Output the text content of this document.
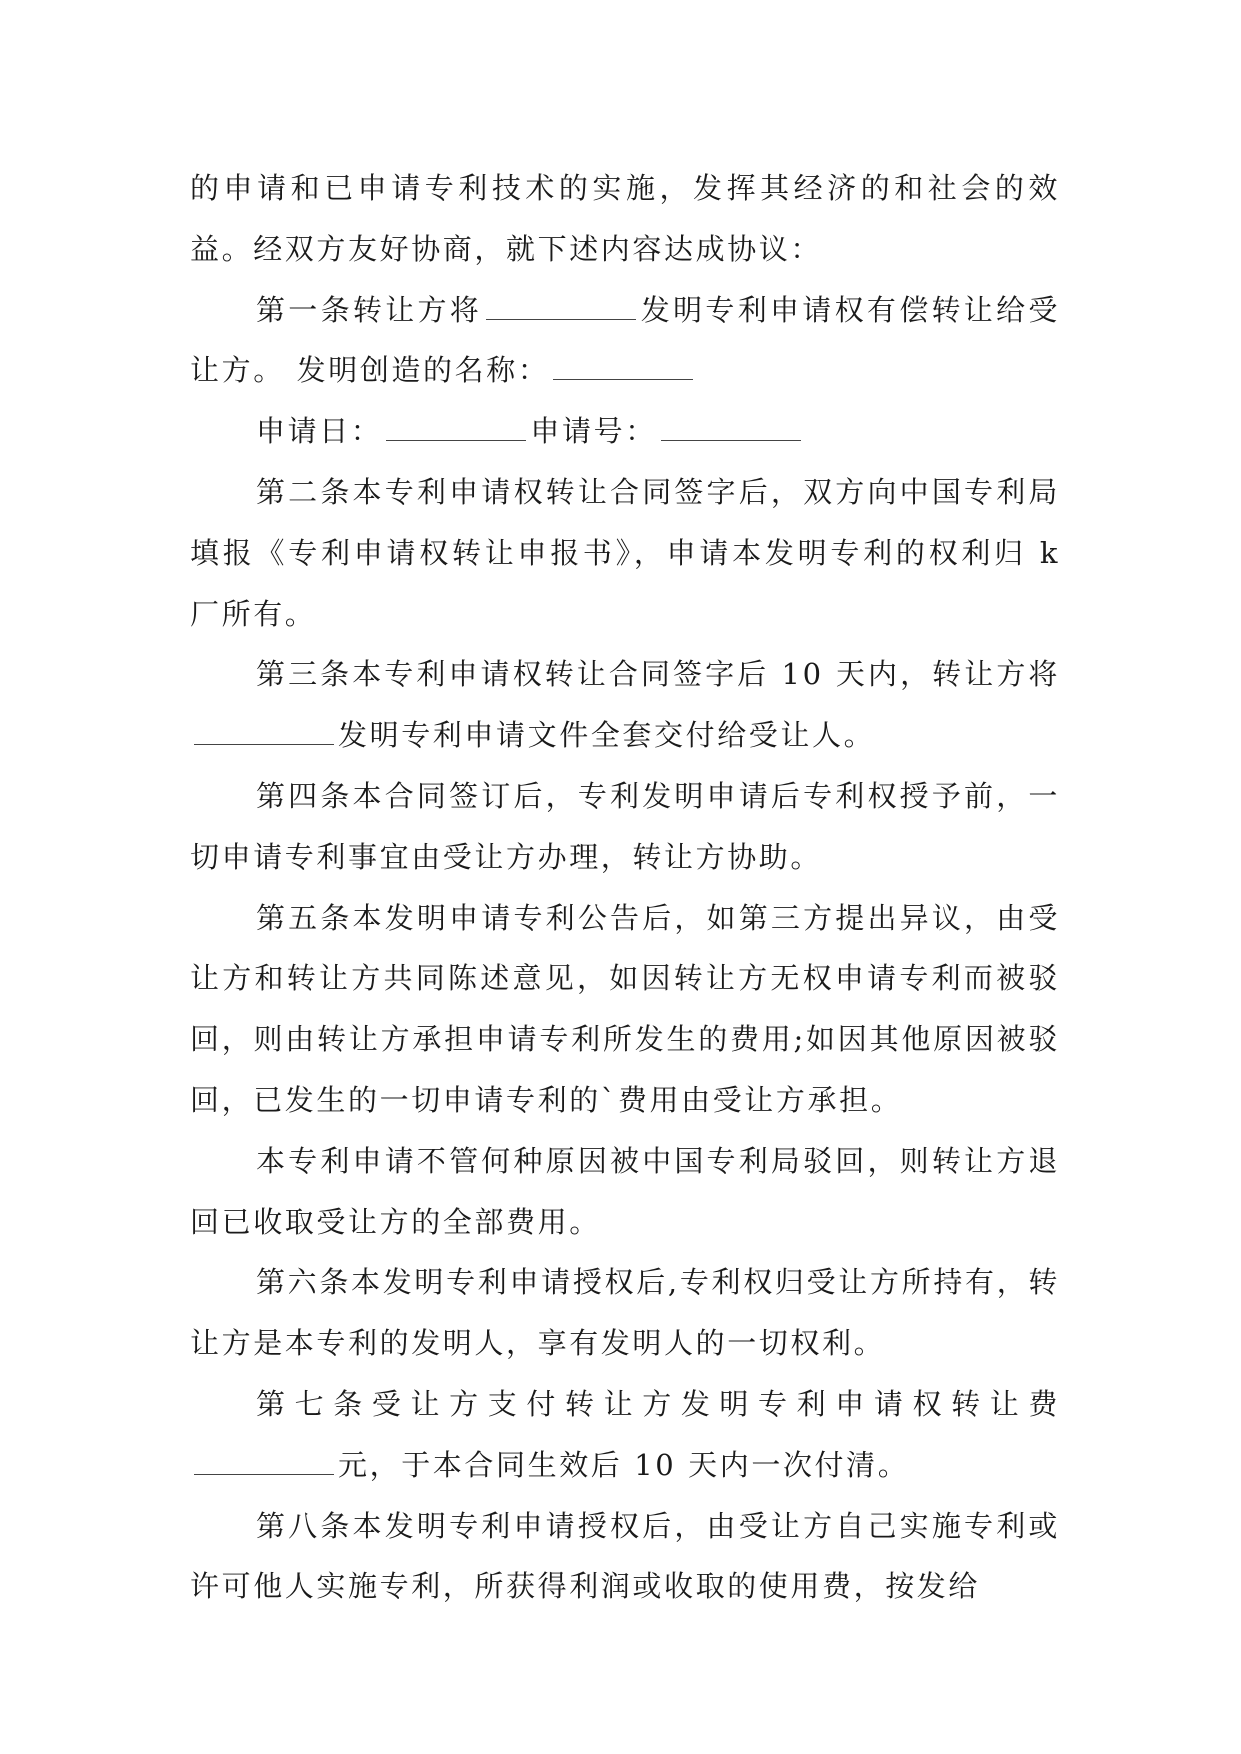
的申请和已申请专利技术的实施，发挥其经济的和社会的效益。经双方友好协商，就下述内容达成协议：

第一条转让方将	发明专利申请权有偿转让给受让方。 发明创造的名称：

申请日：	申请号：

第二条本专利申请权转让合同签字后，双方向中国专利局填报《专利申请权转让申报书》，申请本发明专利的权利归 k 厂所有。

第三条本专利申请权转让合同签字后 10 天内，转让方将发明专利申请文件全套交付给受让人。

第四条本合同签订后，专利发明申请后专利权授予前，一切申请专利事宜由受让方办理，转让方协助。

第五条本发明申请专利公告后，如第三方提出异议，由受让方和转让方共同陈述意见，如因转让方无权申请专利而被驳回，则由转让方承担申请专利所发生的费用;如因其他原因被驳回，已发生的一切申请专利的`费用由受让方承担。

本专利申请不管何种原因被中国专利局驳回，则转让方退回已收取受让方的全部费用。

第六条本发明专利申请授权后,专利权归受让方所持有，转让方是本专利的发明人，享有发明人的一切权利。

第七条受让方支付转让方发明专利申请权转让费元，于本合同生效后 10 天内一次付清。

第八条本发明专利申请授权后，由受让方自己实施专利或许可他人实施专利，所获得利润或收取的使用费，按发给
